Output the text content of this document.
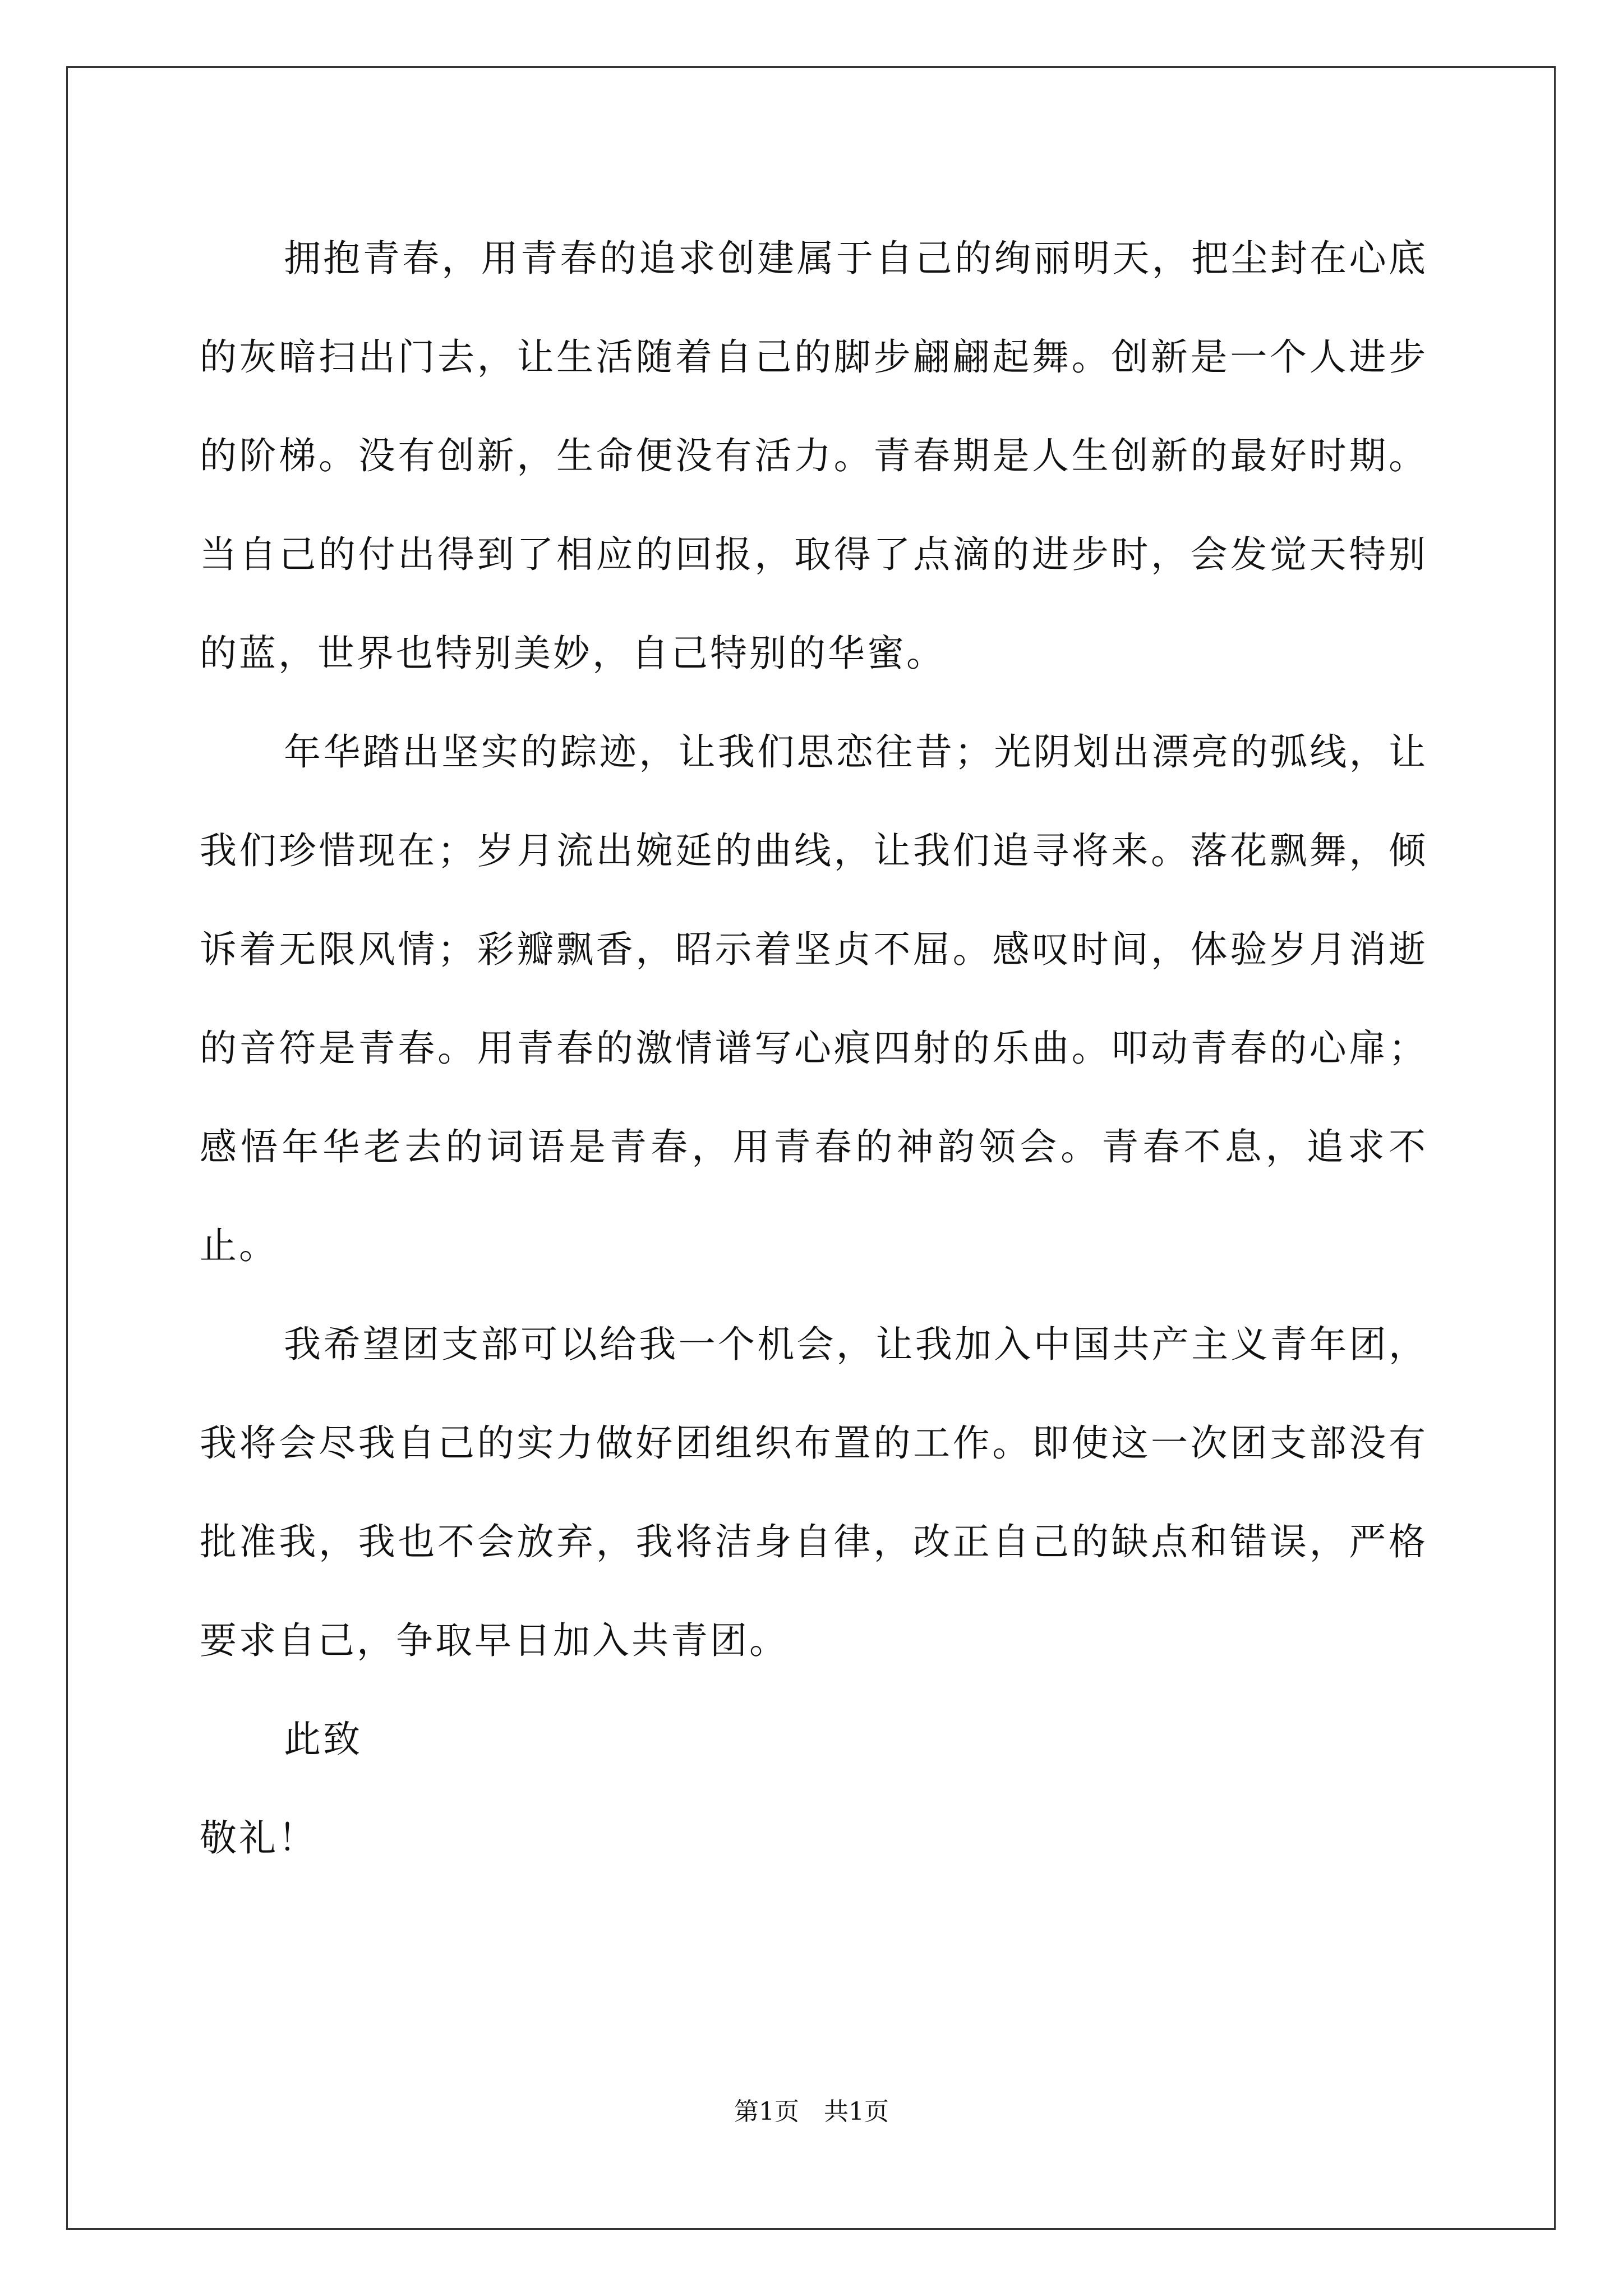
拥抱青春，用青春的追求创建属于自己的绚丽明天，把尘封在心底的灰暗扫出门去，让生活随着自己的脚步翩翩起舞。创新是一个人进步的阶梯。没有创新，生命便没有活力。青春期是人生创新的最好时期。当自己的付出得到了相应的回报，取得了点滴的进步时，会发觉天特别的蓝，世界也特别美妙，自己特别的华蜜。

年华踏出坚实的踪迹，让我们思恋往昔；光阴划出漂亮的弧线，让我们珍惜现在；岁月流出婉延的曲线，让我们追寻将来。落花飘舞，倾诉着无限风情；彩瓣飘香，昭示着坚贞不屈。感叹时间，体验岁月消逝的音符是青春。用青春的激情谱写心痕四射的乐曲。叩动青春的心扉；感悟年华老去的词语是青春，用青春的神韵领会。青春不息，追求不止。

我希望团支部可以给我一个机会，让我加入中国共产主义青年团，我将会尽我自己的实力做好团组织布置的工作。即使这一次团支部没有批准我，我也不会放弃，我将洁身自律，改正自己的缺点和错误，严格要求自己，争取早日加入共青团。

此致

敬礼！

第1页　共1页
